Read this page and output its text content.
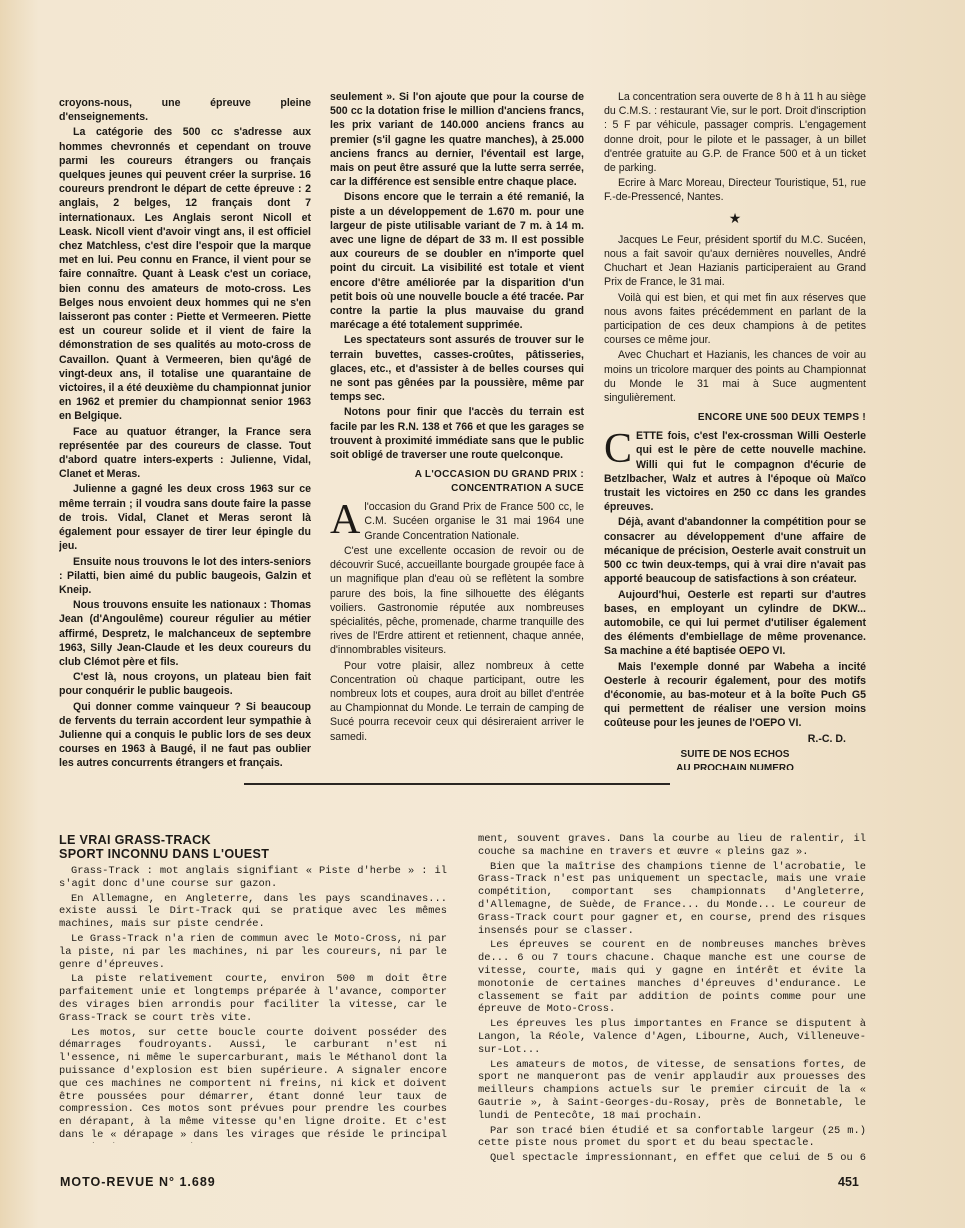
croyons-nous, une épreuve pleine d'enseignements.

La catégorie des 500 cc s'adresse aux hommes chevronnés et cependant on trouve parmi les coureurs étrangers ou français quelques jeunes qui peuvent créer la surprise. 16 coureurs prendront le départ de cette épreuve : 2 anglais, 2 belges, 12 français dont 7 internationaux. Les Anglais seront Nicoll et Leask. Nicoll vient d'avoir vingt ans, il est officiel chez Matchless, c'est dire l'espoir que la marque met en lui. Peu connu en France, il vient pour se faire connaître. Quant à Leask c'est un coriace, bien connu des amateurs de moto-cross. Les Belges nous envoient deux hommes qui ne s'en laisseront pas conter : Piette et Vermeeren. Piette est un coureur solide et il vient de faire la démonstration de ses qualités au moto-cross de Cavaillon. Quant à Vermeeren, bien qu'âgé de vingt-deux ans, il totalise une quarantaine de victoires, il a été deuxième du championnat junior en 1962 et premier du championnat senior 1963 en Belgique.

Face au quatuor étranger, la France sera représentée par des coureurs de classe. Tout d'abord quatre inters-experts : Julienne, Vidal, Clanet et Meras.

Julienne a gagné les deux cross 1963 sur ce même terrain ; il voudra sans doute faire la passe de trois. Vidal, Clanet et Meras seront là également pour essayer de tirer leur épingle du jeu.

Ensuite nous trouvons le lot des inters-seniors : Pilatti, bien aimé du public baugeois, Galzin et Kneip.

Nous trouvons ensuite les nationaux : Thomas Jean (d'Angoulême) coureur régulier au métier affirmé, Despretz, le malchanceux de septembre 1963, Silly Jean-Claude et les deux coureurs du club Clémot père et fils.

C'est là, nous croyons, un plateau bien fait pour conquérir le public baugeois.

Qui donner comme vainqueur ? Si beaucoup de fervents du terrain accordent leur sympathie à Julienne qui a conquis le public lors de ses deux courses en 1963 à Baugé, il ne faut pas oublier les autres concurrents étrangers et français.

seulement ». Si l'on ajoute que pour la course de 500 cc la dotation frise le million d'anciens francs, les prix variant de 140.000 anciens francs au premier (s'il gagne les quatre manches), à 25.000 anciens francs au dernier, l'éventail est large, mais on peut être assuré que la lutte serra serrée, car la différence est sensible entre chaque place.

Disons encore que le terrain a été remanié, la piste a un développement de 1.670 m. pour une largeur de piste utilisable variant de 7 m. à 14 m. avec une ligne de départ de 33 m. Il est possible aux coureurs de se doubler en n'importe quel point du circuit. La visibilité est totale et vient encore d'être améliorée par la disparition d'un petit bois où une nouvelle boucle a été tracée. Par contre la partie la plus mauvaise du grand marécage a été totalement supprimée.

Les spectateurs sont assurés de trouver sur le terrain buvettes, casses-croûtes, pâtisseries, glaces, etc., et d'assister à de belles courses qui ne sont pas gênées par la poussière, même par temps sec.

Notons pour finir que l'accès du terrain est facile par les R.N. 138 et 766 et que les garages se trouvent à proximité immédiate sans que le public soit obligé de traverser une route quelconque.

A L'OCCASION DU GRAND PRIX :
CONCENTRATION A SUCE

Al'occasion du Grand Prix de France 500 cc, le C.M. Sucéen organise le 31 mai 1964 une Grande Concentration Nationale.

C'est une excellente occasion de revoir ou de découvrir Sucé, accueillante bourgade groupée face à un magnifique plan d'eau où se reflètent la sombre parure des bois, la fine silhouette des élégants voiliers. Gastronomie réputée aux nombreuses spécialités, pêche, promenade, charme tranquille des rives de l'Erdre attirent et retiennent, chaque année, d'innombrables visiteurs.

Pour votre plaisir, allez nombreux à cette Concentration où chaque participant, outre les nombreux lots et coupes, aura droit au billet d'entrée au Championnat du Monde. Le terrain de camping de Sucé pourra recevoir ceux qui désireraient arriver le samedi.

La concentration sera ouverte de 8 h à 11 h au siège du C.M.S. : restaurant Vie, sur le port. Droit d'inscription : 5 F par véhicule, passager compris. L'engagement donne droit, pour le pilote et le passager, à un billet d'entrée gratuite au G.P. de France 500 et à un ticket de parking.

Ecrire à Marc Moreau, Directeur Touristique, 51, rue F.-de-Pressencé, Nantes.

★

Jacques Le Feur, président sportif du M.C. Sucéen, nous a fait savoir qu'aux dernières nouvelles, André Chuchart et Jean Hazianis participeraient au Grand Prix de France, le 31 mai.

Voilà qui est bien, et qui met fin aux réserves que nous avons faites précédemment en parlant de la participation de ces deux champions à de petites courses ce même jour.

Avec Chuchart et Hazianis, les chances de voir au moins un tricolore marquer des points au Championnat du Monde le 31 mai à Suce augmentent singulièrement.

ENCORE UNE 500 DEUX TEMPS !

CETTE fois, c'est l'ex-crossman Willi Oesterle qui est le père de cette nouvelle machine. Willi qui fut le compagnon d'écurie de Betzlbacher, Walz et autres à l'époque où Maïco trustait les victoires en 250 cc dans les grandes épreuves.

Déjà, avant d'abandonner la compétition pour se consacrer au développement d'une affaire de mécanique de précision, Oesterle avait construit un 500 cc twin deux-temps, qui à vrai dire n'avait pas apporté beaucoup de satisfactions à son créateur.

Aujourd'hui, Oesterle est reparti sur d'autres bases, en employant un cylindre de DKW... automobile, ce qui lui permet d'utiliser également des éléments d'embiellage de même provenance. Sa machine a été baptisée OEPO VI.

Mais l'exemple donné par Wabeha a incité Oesterle à recourir également, pour des motifs d'économie, au bas-moteur et à la boîte Puch G5 qui permettent de réaliser une version moins coûteuse pour les jeunes de l'OEPO VI.

R.-C. D.
SUITE DE NOS ECHOS
AU PROCHAIN NUMERO
LE VRAI GRASS-TRACK
SPORT INCONNU DANS L'OUEST

Grass-Track : mot anglais signifiant « Piste d'herbe » : il s'agit donc d'une course sur gazon.

En Allemagne, en Angleterre, dans les pays scandinaves... existe aussi le Dirt-Track qui se pratique avec les mêmes machines, mais sur piste cendrée.

Le Grass-Track n'a rien de commun avec le Moto-Cross, ni par la piste, ni par les machines, ni par les coureurs, ni par le genre d'épreuves.

La piste relativement courte, environ 500 m doit être parfaitement unie et longtemps préparée à l'avance, comporter des virages bien arrondis pour faciliter la vitesse, car le Grass-Track se court très vite.

Les motos, sur cette boucle courte doivent posséder des démarrages foudroyants. Aussi, le carburant n'est ni l'essence, ni même le supercarburant, mais le Méthanol dont la puissance d'explosion est bien supérieure. A signaler encore que ces machines ne comportent ni freins, ni kick et doivent être poussées pour démarrer, étant donné leur taux de compression. Ces motos sont prévues pour prendre les courbes en dérapant, à la même vitesse qu'en ligne droite. Et c'est dans le « dérapage » dans les virages que réside le principal

ment, souvent graves. Dans la courbe au lieu de ralentir, il couche sa machine en travers et œuvre « pleins gaz ».

Bien que la maîtrise des champions tienne de l'acrobatie, le Grass-Track n'est pas uniquement un spectacle, mais une vraie compétition, comportant ses championnats d'Angleterre, d'Allemagne, de Suède, de France... du Monde... Le coureur de Grass-Track court pour gagner et, en course, prend des risques insensés pour se classer.

Les épreuves se courent en de nombreuses manches brèves de... 6 ou 7 tours chacune. Chaque manche est une course de vitesse, courte, mais qui y gagne en intérêt et évite la monotonie de certaines manches d'épreuves d'endurance. Le classement se fait par addition de points comme pour une épreuve de Moto-Cross.

Les épreuves les plus importantes en France se disputent à Langon, la Réole, Valence d'Agen, Libourne, Auch, Villeneuve-sur-Lot...

Les amateurs de motos, de vitesse, de sensations fortes, de sport ne manqueront pas de venir applaudir aux prouesses des meilleurs champions actuels sur le premier circuit de la « Gautrie », à Saint-Georges-du-Rosay, près de Bonnetable, le lundi de Pentecôte, 18 mai prochain.

Par son tracé bien étudié et sa confortable largeur (25 m.) cette piste nous promet du sport et du beau spectacle.

Quel spectacle impressionnant, en effet que celui de 5 ou 6

MOTO-REVUE N° 1.689	451
